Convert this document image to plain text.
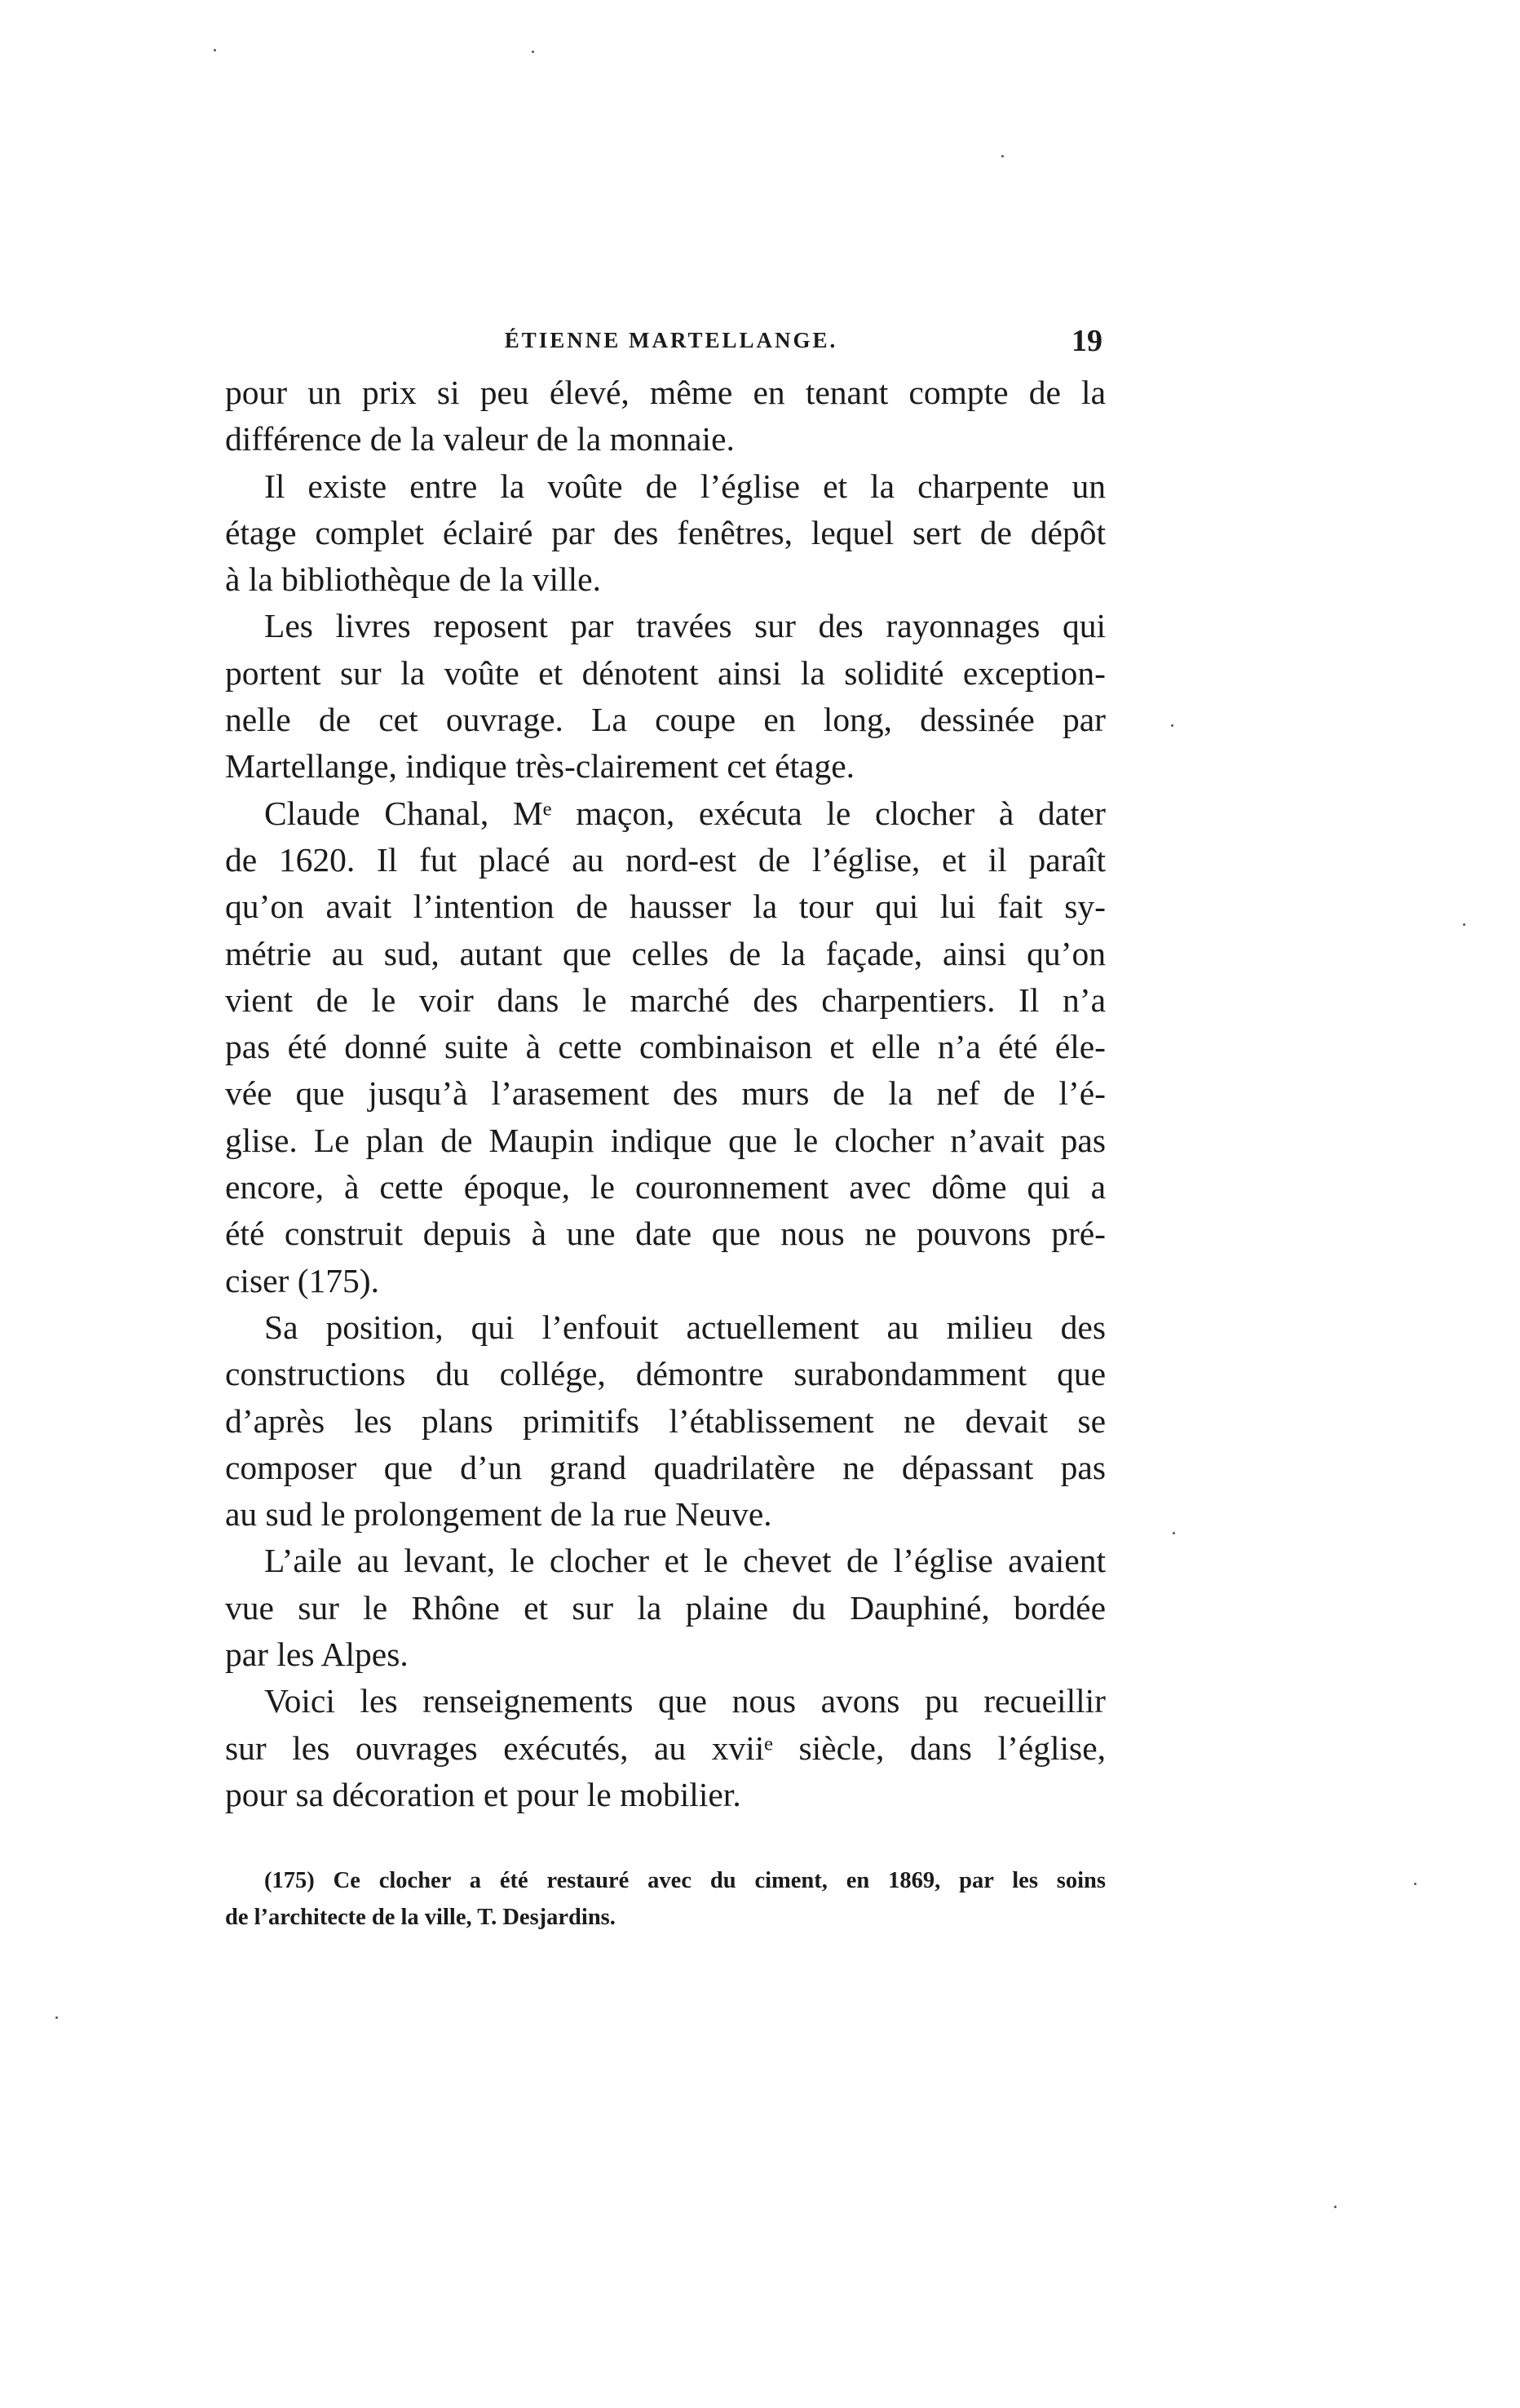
ÉTIENNE MARTELLANGE.	19
pour un prix si peu élevé, même en tenant compte de la
différence de la valeur de la monnaie.
Il existe entre la voûte de l’église et la charpente un
étage complet éclairé par des fenêtres, lequel sert de dépôt
à la bibliothèque de la ville.
Les livres reposent par travées sur des rayonnages qui
portent sur la voûte et dénotent ainsi la solidité exception-
nelle de cet ouvrage. La coupe en long, dessinée par
Martellange, indique très-clairement cet étage.
Claude Chanal, Mᵉ maçon, exécuta le clocher à dater
de 1620. Il fut placé au nord-est de l’église, et il paraît
qu’on avait l’intention de hausser la tour qui lui fait sy-
métrie au sud, autant que celles de la façade, ainsi qu’on
vient de le voir dans le marché des charpentiers. Il n’a
pas été donné suite à cette combinaison et elle n’a été éle-
vée que jusqu’à l’arasement des murs de la nef de l’é-
glise. Le plan de Maupin indique que le clocher n’avait pas
encore, à cette époque, le couronnement avec dôme qui a
été construit depuis à une date que nous ne pouvons pré-
ciser (175).
Sa position, qui l’enfouit actuellement au milieu des
constructions du collége, démontre surabondamment que
d’après les plans primitifs l’établissement ne devait se
composer que d’un grand quadrilatère ne dépassant pas
au sud le prolongement de la rue Neuve.
L’aile au levant, le clocher et le chevet de l’église avaient
vue sur le Rhône et sur la plaine du Dauphiné, bordée
par les Alpes.
Voici les renseignements que nous avons pu recueillir
sur les ouvrages exécutés, au xviiᵉ siècle, dans l’église,
pour sa décoration et pour le mobilier.
(175) Ce clocher a été restauré avec du ciment, en 1869, par les soins
de l’architecte de la ville, T. Desjardins.
